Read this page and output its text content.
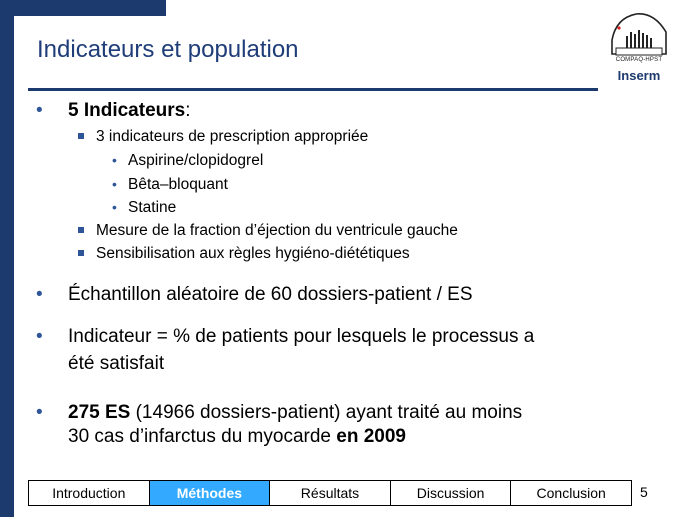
Indicateurs et population	COMPAQ-HPST
Inserm
• 5 Indicateurs:
3 indicateurs de prescription appropriée
• Aspirine/clopidogrel
• Bêta–bloquant
• Statine
Mesure de la fraction d’éjection du ventricule gauche
Sensibilisation aux règles hygiéno-diététiques
• Échantillon aléatoire de 60 dossiers-patient / ES
• Indicateur = % de patients pour lesquels le processus a
été satisfait
• 275 ES (14966 dossiers-patient) ayant traité au moins
30 cas d’infarctus du myocarde en 2009
Introduction	Méthodes	Résultats	Discussion	Conclusion	5
